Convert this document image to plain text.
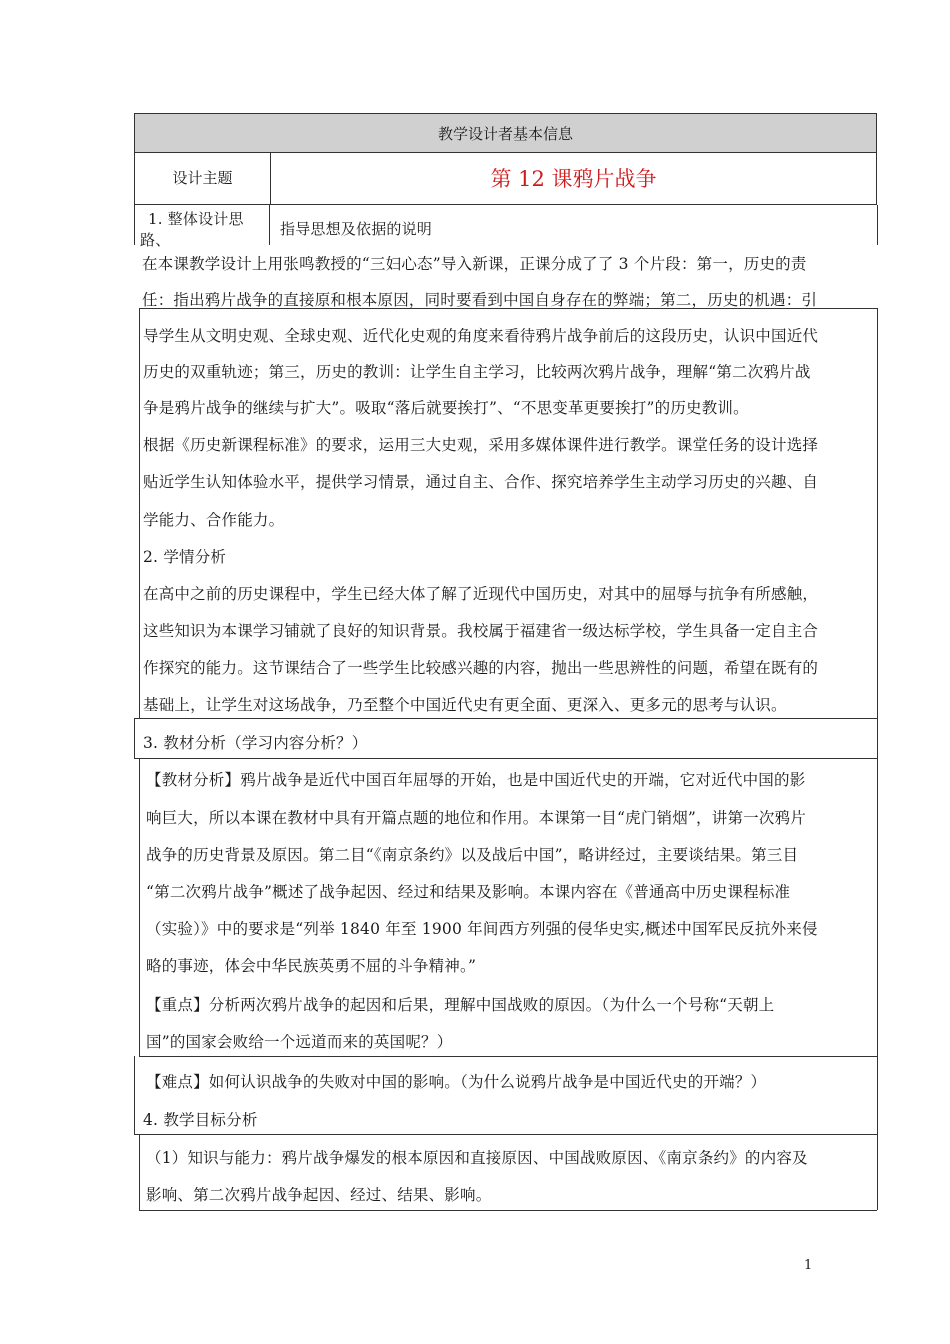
教学设计者基本信息
设计主题	第 12 课鸦片战争
1. 整体设计思
路、
指导思想及依据的说明
在本课教学设计上用张鸣教授的“三妇心态”导入新课，正课分成了了 3 个片段：第一，历史的责
任：指出鸦片战争的直接原和根本原因，同时要看到中国自身存在的弊端；第二，历史的机遇：引
导学生从文明史观、全球史观、近代化史观的角度来看待鸦片战争前后的这段历史，认识中国近代
历史的双重轨迹；第三，历史的教训：让学生自主学习，比较两次鸦片战争，理解“第二次鸦片战
争是鸦片战争的继续与扩大”。吸取“落后就要挨打”、“不思变革更要挨打”的历史教训。
根据《历史新课程标准》的要求，运用三大史观，采用多媒体课件进行教学。课堂任务的设计选择
贴近学生认知体验水平，提供学习情景，通过自主、合作、探究培养学生主动学习历史的兴趣、自
学能力、合作能力。
2. 学情分析
在高中之前的历史课程中，学生已经大体了解了近现代中国历史，对其中的屈辱与抗争有所感触，
这些知识为本课学习铺就了良好的知识背景。我校属于福建省一级达标学校，学生具备一定自主合
作探究的能力。这节课结合了一些学生比较感兴趣的内容，抛出一些思辨性的问题，希望在既有的
基础上，让学生对这场战争，乃至整个中国近代史有更全面、更深入、更多元的思考与认识。
3. 教材分析（学习内容分析？）
【教材分析】鸦片战争是近代中国百年屈辱的开始，也是中国近代史的开端，它对近代中国的影
响巨大，所以本课在教材中具有开篇点题的地位和作用。本课第一目“虎门销烟”，讲第一次鸦片
战争的历史背景及原因。第二目“《南京条约》以及战后中国”，略讲经过，主要谈结果。第三目
“第二次鸦片战争”概述了战争起因、经过和结果及影响。本课内容在《普通高中历史课程标准
（实验）》中的要求是“列举 1840 年至 1900 年间西方列强的侵华史实,概述中国军民反抗外来侵
略的事迹，体会中华民族英勇不屈的斗争精神。”
【重点】分析两次鸦片战争的起因和后果，理解中国战败的原因。（为什么一个号称“天朝上
国”的国家会败给一个远道而来的英国呢？）
【难点】如何认识战争的失败对中国的影响。（为什么说鸦片战争是中国近代史的开端？）
4. 教学目标分析
（1）知识与能力：鸦片战争爆发的根本原因和直接原因、中国战败原因、《南京条约》的内容及
影响、第二次鸦片战争起因、经过、结果、影响。
1
